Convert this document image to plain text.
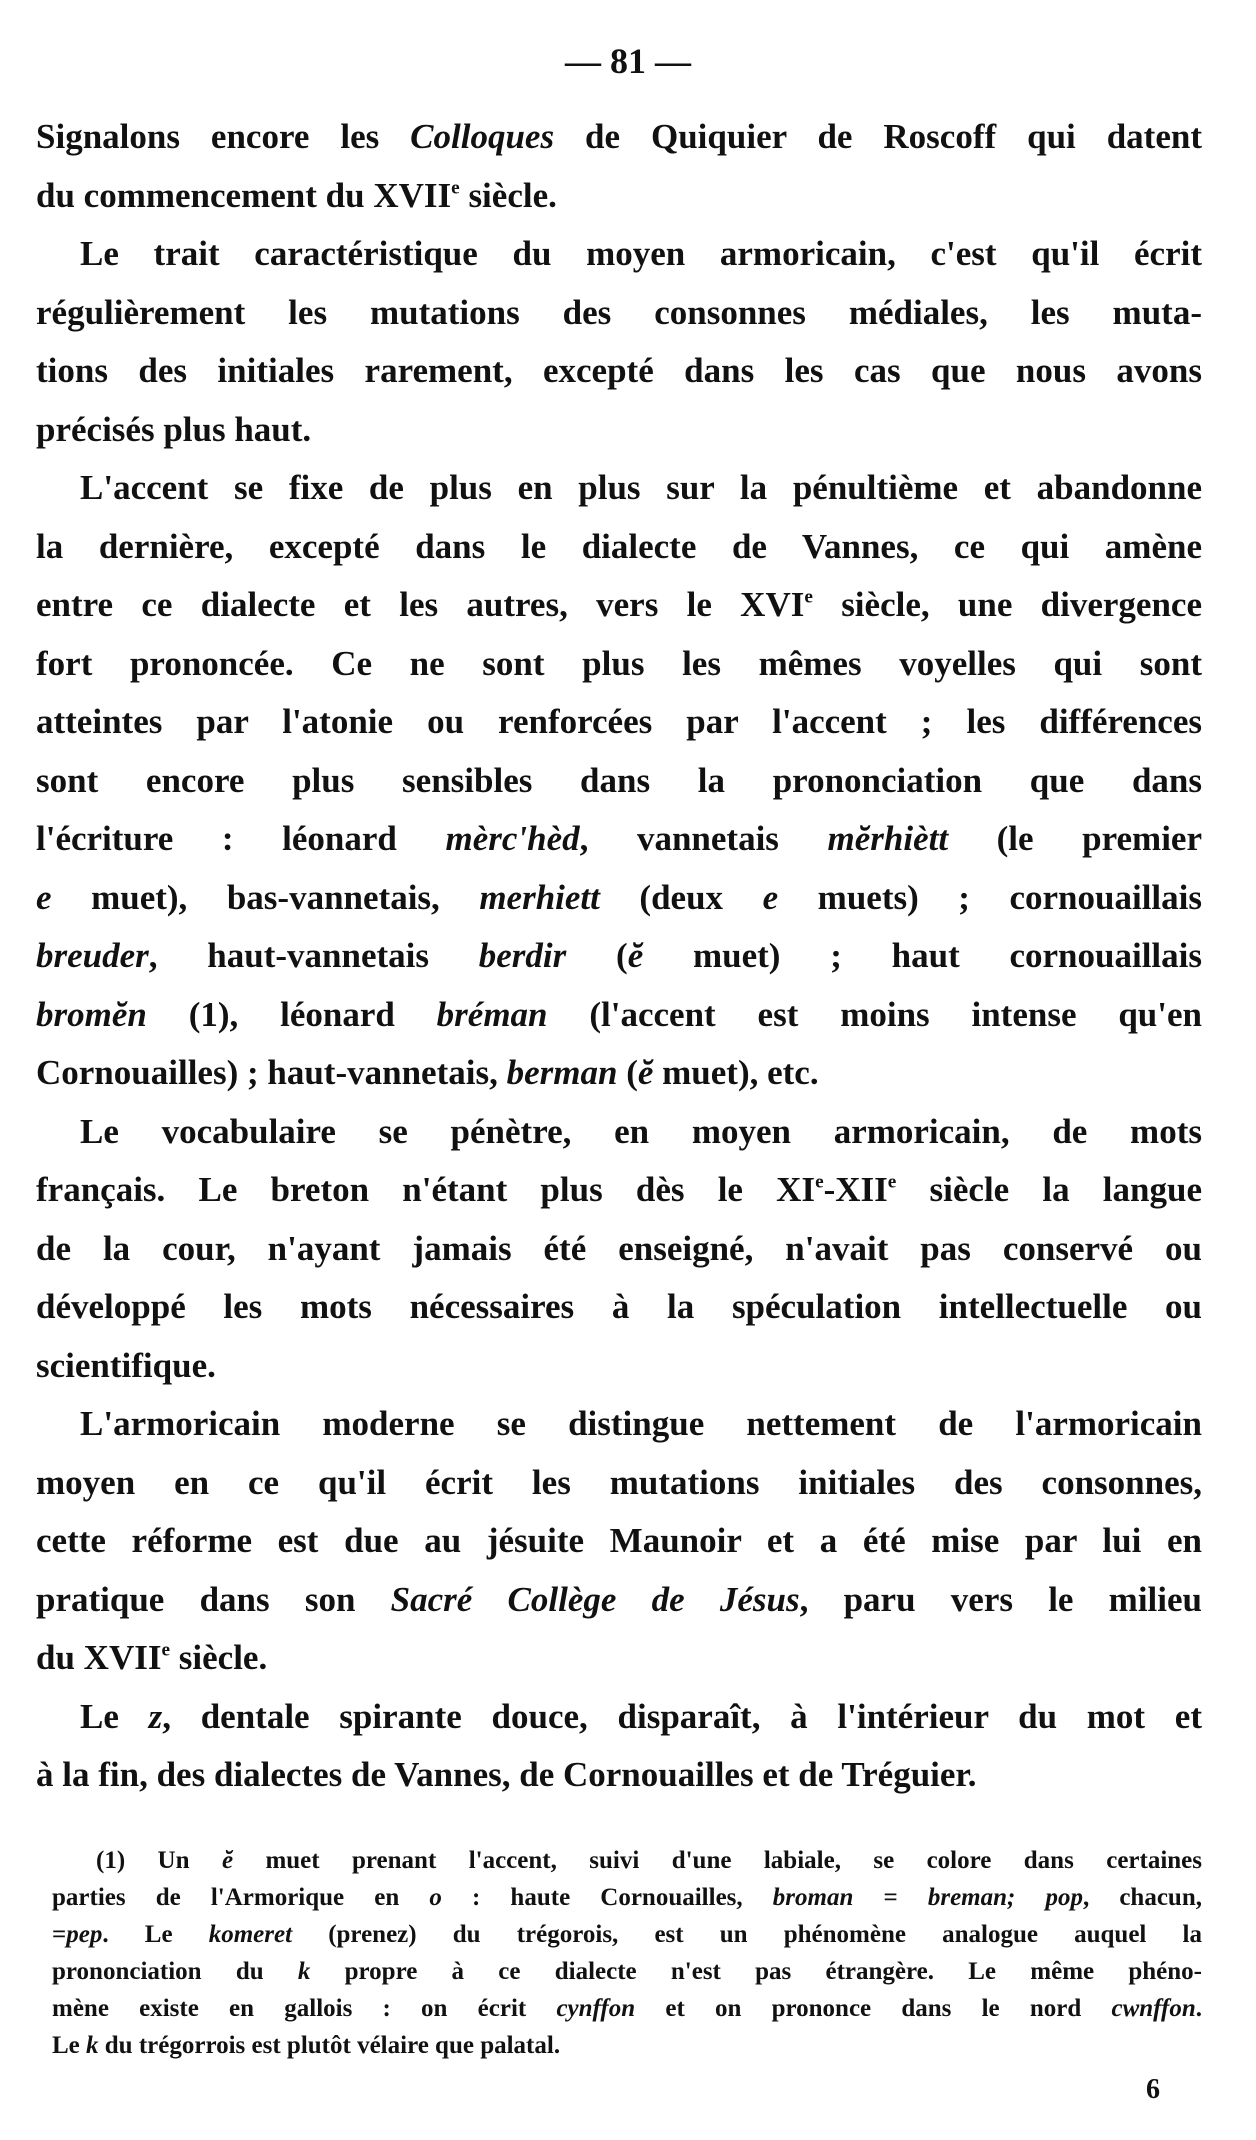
— 81 —
Signalons encore les Colloques de Quiquier de Roscoff qui datent
du commencement du XVIIe siècle.
Le trait caractéristique du moyen armoricain, c'est qu'il écrit
régulièrement les mutations des consonnes médiales, les muta-
tions des initiales rarement, excepté dans les cas que nous avons
précisés plus haut.
L'accent se fixe de plus en plus sur la pénultième et abandonne
la dernière, excepté dans le dialecte de Vannes, ce qui amène
entre ce dialecte et les autres, vers le XVIe siècle, une divergence
fort prononcée. Ce ne sont plus les mêmes voyelles qui sont
atteintes par l'atonie ou renforcées par l'accent ; les différences
sont encore plus sensibles dans la prononciation que dans
l'écriture : léonard mèrc'hèd, vannetais mĕrhiètt (le premier
e muet), bas-vannetais, merhiett (deux e muets) ; cornouaillais
breuder, haut-vannetais berdir (ĕ muet) ; haut cornouaillais
bromĕn (1), léonard bréman (l'accent est moins intense qu'en
Cornouailles) ; haut-vannetais, berman (ĕ muet), etc.
Le vocabulaire se pénètre, en moyen armoricain, de mots
français. Le breton n'étant plus dès le XIe-XIIe siècle la langue
de la cour, n'ayant jamais été enseigné, n'avait pas conservé ou
développé les mots nécessaires à la spéculation intellectuelle ou
scientifique.
L'armoricain moderne se distingue nettement de l'armoricain
moyen en ce qu'il écrit les mutations initiales des consonnes,
cette réforme est due au jésuite Maunoir et a été mise par lui en
pratique dans son Sacré Collège de Jésus, paru vers le milieu
du XVIIe siècle.
Le z, dentale spirante douce, disparaît, à l'intérieur du mot et
à la fin, des dialectes de Vannes, de Cornouailles et de Tréguier.
(1) Un ĕ muet prenant l'accent, suivi d'une labiale, se colore dans certaines
parties de l'Armorique en o : haute Cornouailles, broman = breman; pop, chacun,
=pep. Le komeret (prenez) du trégorois, est un phénomène analogue auquel la
prononciation du k propre à ce dialecte n'est pas étrangère. Le même phéno-
mène existe en gallois : on écrit cynffon et on prononce dans le nord cwnffon.
Le k du trégorrois est plutôt vélaire que palatal.
6
